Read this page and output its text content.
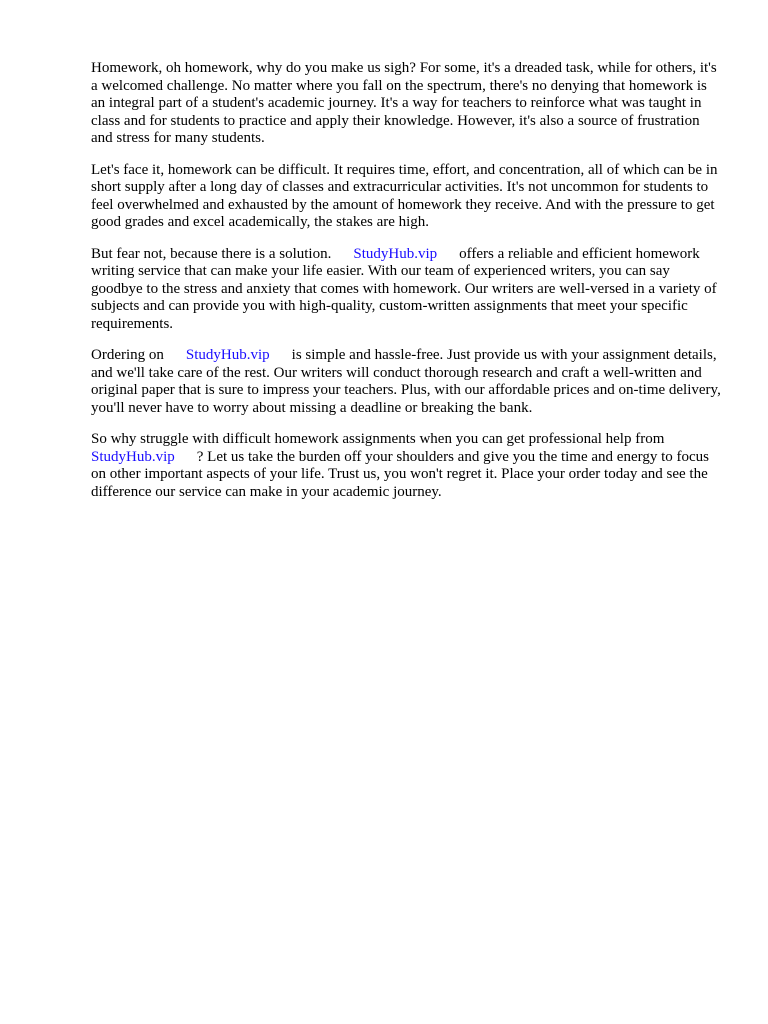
Homework, oh homework, why do you make us sigh? For some, it's a dreaded task, while for others, it's a welcomed challenge. No matter where you fall on the spectrum, there's no denying that homework is an integral part of a student's academic journey. It's a way for teachers to reinforce what was taught in class and for students to practice and apply their knowledge. However, it's also a source of frustration and stress for many students.

Let's face it, homework can be difficult. It requires time, effort, and concentration, all of which can be in short supply after a long day of classes and extracurricular activities. It's not uncommon for students to feel overwhelmed and exhausted by the amount of homework they receive. And with the pressure to get good grades and excel academically, the stakes are high.

But fear not, because there is a solution. StudyHub.vip offers a reliable and efficient homework writing service that can make your life easier. With our team of experienced writers, you can say goodbye to the stress and anxiety that comes with homework. Our writers are well-versed in a variety of subjects and can provide you with high-quality, custom-written assignments that meet your specific requirements.

Ordering on StudyHub.vip is simple and hassle-free. Just provide us with your assignment details, and we'll take care of the rest. Our writers will conduct thorough research and craft a well-written and original paper that is sure to impress your teachers. Plus, with our affordable prices and on-time delivery, you'll never have to worry about missing a deadline or breaking the bank.

So why struggle with difficult homework assignments when you can get professional help from StudyHub.vip ? Let us take the burden off your shoulders and give you the time and energy to focus on other important aspects of your life. Trust us, you won't regret it. Place your order today and see the difference our service can make in your academic journey.
